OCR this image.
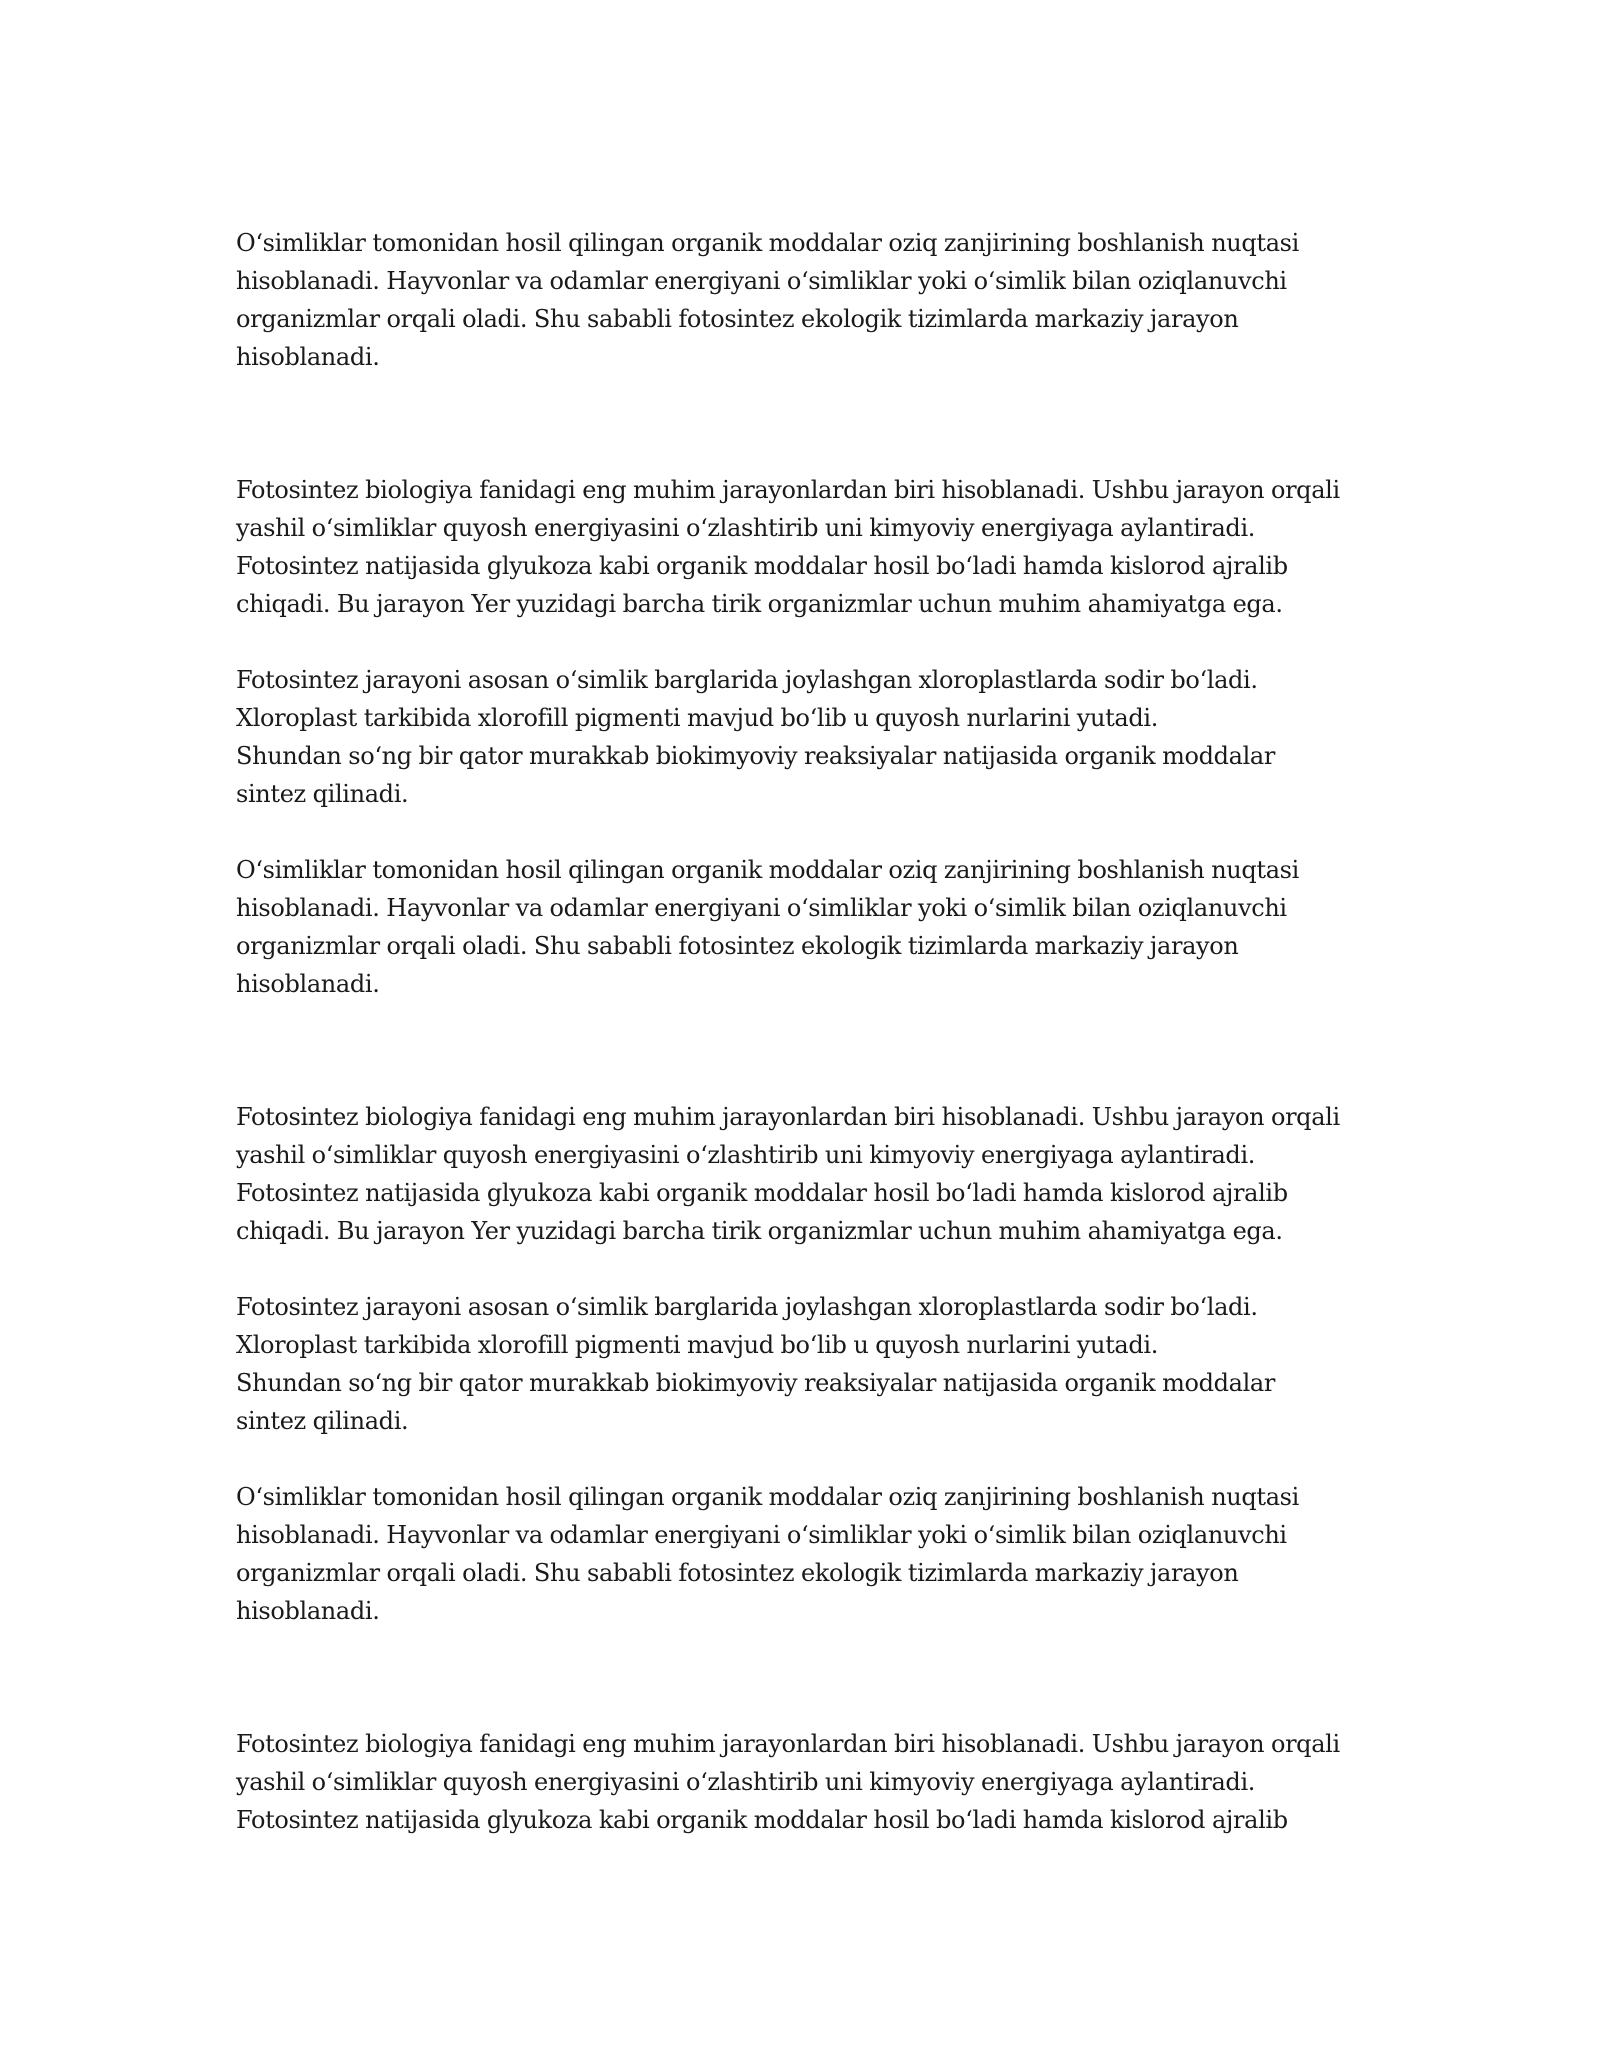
O‘simliklar tomonidan hosil qilingan organik moddalar oziq zanjirining boshlanish nuqtasi
hisoblanadi. Hayvonlar va odamlar energiyani o‘simliklar yoki o‘simlik bilan oziqlanuvchi
organizmlar orqali oladi. Shu sababli fotosintez ekologik tizimlarda markaziy jarayon
hisoblanadi.

Fotosintez biologiya fanidagi eng muhim jarayonlardan biri hisoblanadi. Ushbu jarayon orqali
yashil o‘simliklar quyosh energiyasini o‘zlashtirib uni kimyoviy energiyaga aylantiradi.
Fotosintez natijasida glyukoza kabi organik moddalar hosil bo‘ladi hamda kislorod ajralib
chiqadi. Bu jarayon Yer yuzidagi barcha tirik organizmlar uchun muhim ahamiyatga ega.

Fotosintez jarayoni asosan o‘simlik barglarida joylashgan xloroplastlarda sodir bo‘ladi.
Xloroplast tarkibida xlorofill pigmenti mavjud bo‘lib u quyosh nurlarini yutadi.
Shundan so‘ng bir qator murakkab biokimyoviy reaksiyalar natijasida organik moddalar
sintez qilinadi.

O‘simliklar tomonidan hosil qilingan organik moddalar oziq zanjirining boshlanish nuqtasi
hisoblanadi. Hayvonlar va odamlar energiyani o‘simliklar yoki o‘simlik bilan oziqlanuvchi
organizmlar orqali oladi. Shu sababli fotosintez ekologik tizimlarda markaziy jarayon
hisoblanadi.

Fotosintez biologiya fanidagi eng muhim jarayonlardan biri hisoblanadi. Ushbu jarayon orqali
yashil o‘simliklar quyosh energiyasini o‘zlashtirib uni kimyoviy energiyaga aylantiradi.
Fotosintez natijasida glyukoza kabi organik moddalar hosil bo‘ladi hamda kislorod ajralib
chiqadi. Bu jarayon Yer yuzidagi barcha tirik organizmlar uchun muhim ahamiyatga ega.

Fotosintez jarayoni asosan o‘simlik barglarida joylashgan xloroplastlarda sodir bo‘ladi.
Xloroplast tarkibida xlorofill pigmenti mavjud bo‘lib u quyosh nurlarini yutadi.
Shundan so‘ng bir qator murakkab biokimyoviy reaksiyalar natijasida organik moddalar
sintez qilinadi.

O‘simliklar tomonidan hosil qilingan organik moddalar oziq zanjirining boshlanish nuqtasi
hisoblanadi. Hayvonlar va odamlar energiyani o‘simliklar yoki o‘simlik bilan oziqlanuvchi
organizmlar orqali oladi. Shu sababli fotosintez ekologik tizimlarda markaziy jarayon
hisoblanadi.

Fotosintez biologiya fanidagi eng muhim jarayonlardan biri hisoblanadi. Ushbu jarayon orqali
yashil o‘simliklar quyosh energiyasini o‘zlashtirib uni kimyoviy energiyaga aylantiradi.
Fotosintez natijasida glyukoza kabi organik moddalar hosil bo‘ladi hamda kislorod ajralib
